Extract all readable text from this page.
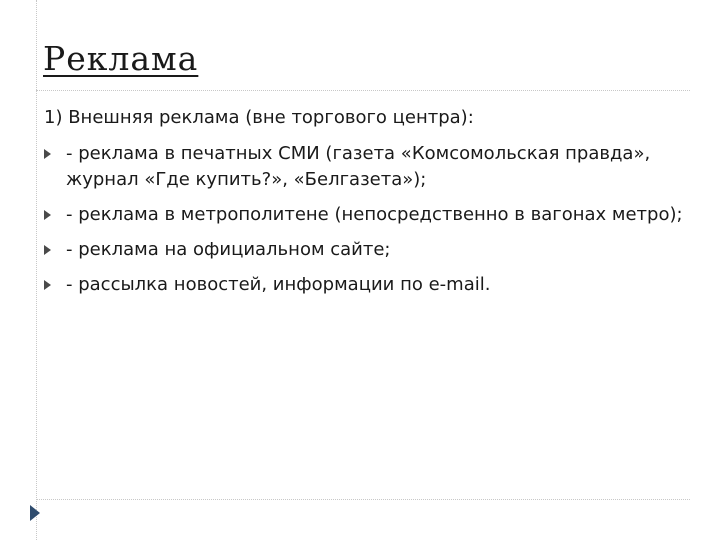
Реклама

1) Внешняя реклама (вне торгового центра):

- реклама в печатных СМИ (газета «Комсомольская правда», журнал «Где купить?», «Белгазета»);
- реклама в метрополитене (непосредственно в вагонах метро);
- реклама на официальном сайте;
- рассылка новостей, информации по e-mail.
